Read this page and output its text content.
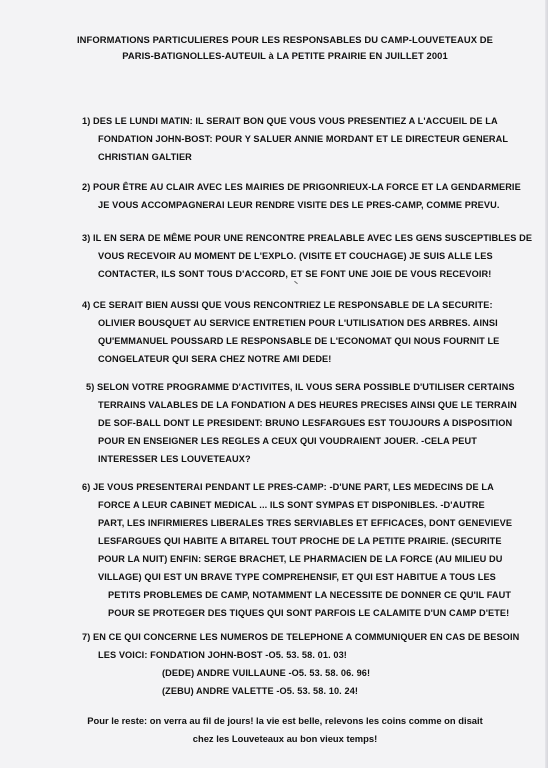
INFORMATIONS PARTICULIERES POUR LES RESPONSABLES DU CAMP-LOUVETEAUX DE
PARIS-BATIGNOLLES-AUTEUIL à LA PETITE PRAIRIE EN JUILLET 2001
1) DES LE LUNDI MATIN: IL SERAIT BON QUE VOUS VOUS PRESENTIEZ A L'ACCUEIL DE LA
FONDATION JOHN-BOST: POUR Y SALUER ANNIE MORDANT ET LE DIRECTEUR GENERAL
CHRISTIAN GALTIER
2) POUR ÊTRE AU CLAIR AVEC LES MAIRIES DE PRIGONRIEUX-LA FORCE ET LA GENDARMERIE
JE VOUS ACCOMPAGNERAI LEUR RENDRE VISITE DES LE PRES-CAMP, COMME PREVU.
3) IL EN SERA DE MÊME POUR UNE RENCONTRE PREALABLE AVEC LES GENS SUSCEPTIBLES DE
VOUS RECEVOIR AU MOMENT DE L'EXPLO. (VISITE ET COUCHAGE) JE SUIS ALLE LES
CONTACTER, ILS SONT TOUS D'ACCORD, ET SE FONT UNE JOIE DE VOUS RECEVOIR!
4) CE SERAIT BIEN AUSSI QUE VOUS RENCONTRIEZ LE RESPONSABLE DE LA SECURITE:
OLIVIER BOUSQUET AU SERVICE ENTRETIEN POUR L'UTILISATION DES ARBRES. AINSI
QU'EMMANUEL POUSSARD LE RESPONSABLE DE L'ECONOMAT QUI NOUS FOURNIT LE
CONGELATEUR QUI SERA CHEZ NOTRE AMI DEDE!
5) SELON VOTRE PROGRAMME D'ACTIVITES, IL VOUS SERA POSSIBLE D'UTILISER CERTAINS
TERRAINS VALABLES DE LA FONDATION A DES HEURES PRECISES AINSI QUE LE TERRAIN
DE SOF-BALL DONT LE PRESIDENT: BRUNO LESFARGUES EST TOUJOURS A DISPOSITION
POUR EN ENSEIGNER LES REGLES A CEUX QUI VOUDRAIENT JOUER. -CELA PEUT
INTERESSER LES LOUVETEAUX?
6) JE VOUS PRESENTERAI PENDANT LE PRES-CAMP: -D'UNE PART, LES MEDECINS DE LA
FORCE A LEUR CABINET MEDICAL ... ILS SONT SYMPAS ET DISPONIBLES. -D'AUTRE
PART, LES INFIRMIERES LIBERALES TRES SERVIABLES ET EFFICACES, DONT GENEVIEVE
LESFARGUES QUI HABITE A BITAREL TOUT PROCHE DE LA PETITE PRAIRIE. (SECURITE
POUR LA NUIT) ENFIN: SERGE BRACHET, LE PHARMACIEN DE LA FORCE (AU MILIEU DU
VILLAGE) QUI EST UN BRAVE TYPE COMPREHENSIF, ET QUI EST HABITUE A TOUS LES
PETITS PROBLEMES DE CAMP, NOTAMMENT LA NECESSITE DE DONNER CE QU'IL FAUT
POUR SE PROTEGER DES TIQUES QUI SONT PARFOIS LE CALAMITE D'UN CAMP D'ETE!
7) EN CE QUI CONCERNE LES NUMEROS DE TELEPHONE A COMMUNIQUER EN CAS DE BESOIN
LES VOICI: FONDATION JOHN-BOST -O5. 53. 58. 01. 03!
(DEDE) ANDRE VUILLAUNE -O5. 53. 58. 06. 96!
(ZEBU) ANDRE VALETTE -O5. 53. 58. 10. 24!
Pour le reste: on verra au fil de jours! la vie est belle, relevons les coins comme on disait
chez les Louveteaux au bon vieux temps!
